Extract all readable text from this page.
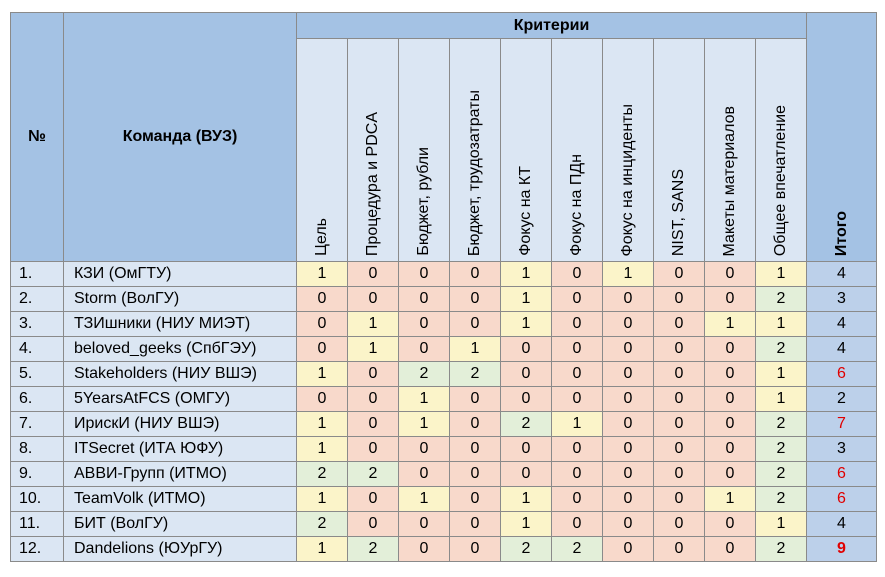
№	Команда (ВУЗ)	Критерии										Итого
		Цель	Процедура и PDCA	Бюджет, рубли	Бюджет, трудозатраты	Фокус на КТ	Фокус на ПДн	Фокус на инциденты	NIST, SANS	Макеты материалов	Общее впечатление	
1.	КЗИ (ОмГТУ)	1	0	0	0	1	0	1	0	0	1	4
2.	Storm (ВолГУ)	0	0	0	0	1	0	0	0	0	2	3
3.	ТЗИшники (НИУ МИЭТ)	0	1	0	0	1	0	0	0	1	1	4
4.	beloved_geeks (СпбГЭУ)	0	1	0	1	0	0	0	0	0	2	4
5.	Stakeholders (НИУ ВШЭ)	1	0	2	2	0	0	0	0	0	1	6
6.	5YearsAtFCS (ОМГУ)	0	0	1	0	0	0	0	0	0	1	2
7.	ИрискИ (НИУ ВШЭ)	1	0	1	0	2	1	0	0	0	2	7
8.	ITSecret (ИТА ЮФУ)	1	0	0	0	0	0	0	0	0	2	3
9.	АВВИ-Групп (ИТМО)	2	2	0	0	0	0	0	0	0	2	6
10.	TeamVolk (ИТМО)	1	0	1	0	1	0	0	0	1	2	6
11.	БИТ (ВолГУ)	2	0	0	0	1	0	0	0	0	1	4
12.	Dandelions (ЮУрГУ)	1	2	0	0	2	2	0	0	0	2	9
